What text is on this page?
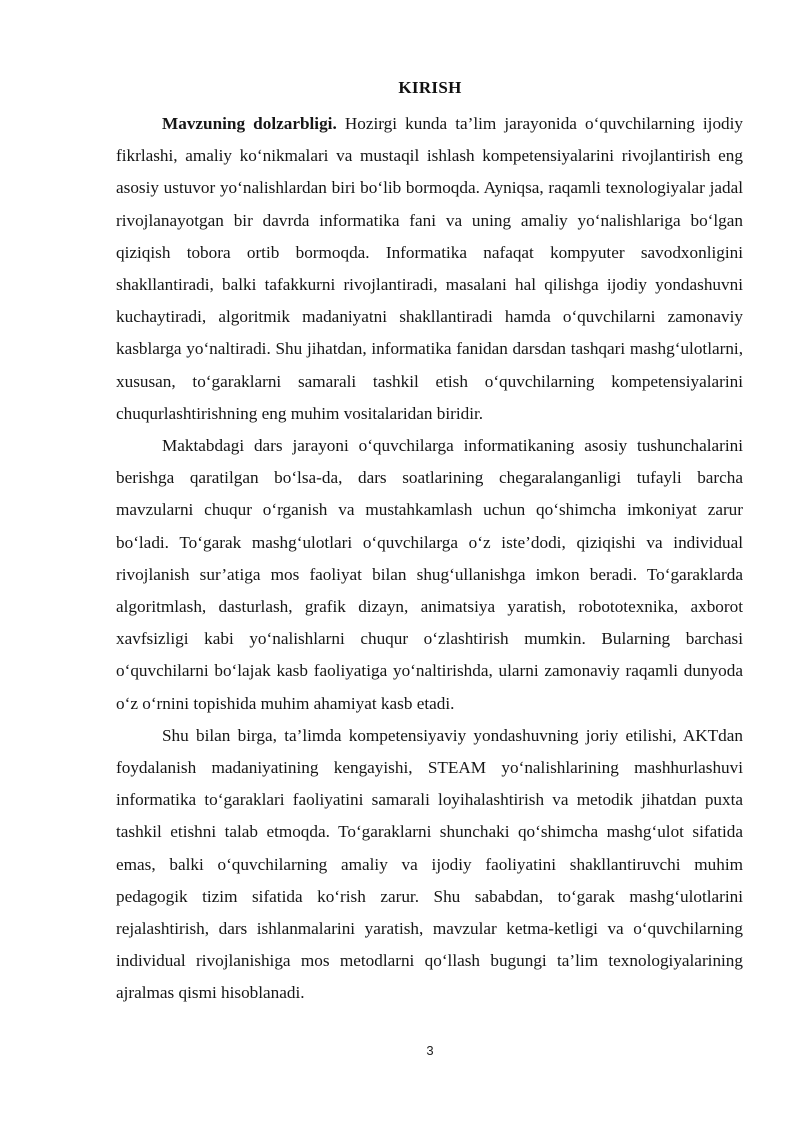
KIRISH

Mavzuning dolzarbligi. Hozirgi kunda ta’lim jarayonida o‘quvchilarning ijodiy fikrlashi, amaliy ko‘nikmalari va mustaqil ishlash kompetensiyalarini rivojlantirish eng asosiy ustuvor yo‘nalishlardan biri bo‘lib bormoqda. Ayniqsa, raqamli texnologiyalar jadal rivojlanayotgan bir davrda informatika fani va uning amaliy yo‘nalishlariga bo‘lgan qiziqish tobora ortib bormoqda. Informatika nafaqat kompyuter savodxonligini shakllantiradi, balki tafakkurni rivojlantiradi, masalani hal qilishga ijodiy yondashuvni kuchaytiradi, algoritmik madaniyatni shakllantiradi hamda o‘quvchilarni zamonaviy kasblarga yo‘naltiradi. Shu jihatdan, informatika fanidan darsdan tashqari mashg‘ulotlarni, xususan, to‘garaklarni samarali tashkil etish o‘quvchilarning kompetensiyalarini chuqurlashtirishning eng muhim vositalaridan biridir.

Maktabdagi dars jarayoni o‘quvchilarga informatikaning asosiy tushunchalarini berishga qaratilgan bo‘lsa-da, dars soatlarining chegaralanganligi tufayli barcha mavzularni chuqur o‘rganish va mustahkamlash uchun qo‘shimcha imkoniyat zarur bo‘ladi. To‘garak mashg‘ulotlari o‘quvchilarga o‘z iste’dodi, qiziqishi va individual rivojlanish sur’atiga mos faoliyat bilan shug‘ullanishga imkon beradi. To‘garaklarda algoritmlash, dasturlash, grafik dizayn, animatsiya yaratish, robototexnika, axborot xavfsizligi kabi yo‘nalishlarni chuqur o‘zlashtirish mumkin. Bularning barchasi o‘quvchilarni bo‘lajak kasb faoliyatiga yo‘naltirishda, ularni zamonaviy raqamli dunyoda o‘z o‘rnini topishida muhim ahamiyat kasb etadi.

Shu bilan birga, ta’limda kompetensiyaviy yondashuvning joriy etilishi, AKTdan foydalanish madaniyatining kengayishi, STEAM yo‘nalishlarining mashhurlashuvi informatika to‘garaklari faoliyatini samarali loyihalashtirish va metodik jihatdan puxta tashkil etishni talab etmoqda. To‘garaklarni shunchaki qo‘shimcha mashg‘ulot sifatida emas, balki o‘quvchilarning amaliy va ijodiy faoliyatini shakllantiruvchi muhim pedagogik tizim sifatida ko‘rish zarur. Shu sababdan, to‘garak mashg‘ulotlarini rejalashtirish, dars ishlanmalarini yaratish, mavzular ketma-ketligi va o‘quvchilarning individual rivojlanishiga mos metodlarni qo‘llash bugungi ta’lim texnologiyalarining ajralmas qismi hisoblanadi.

3
